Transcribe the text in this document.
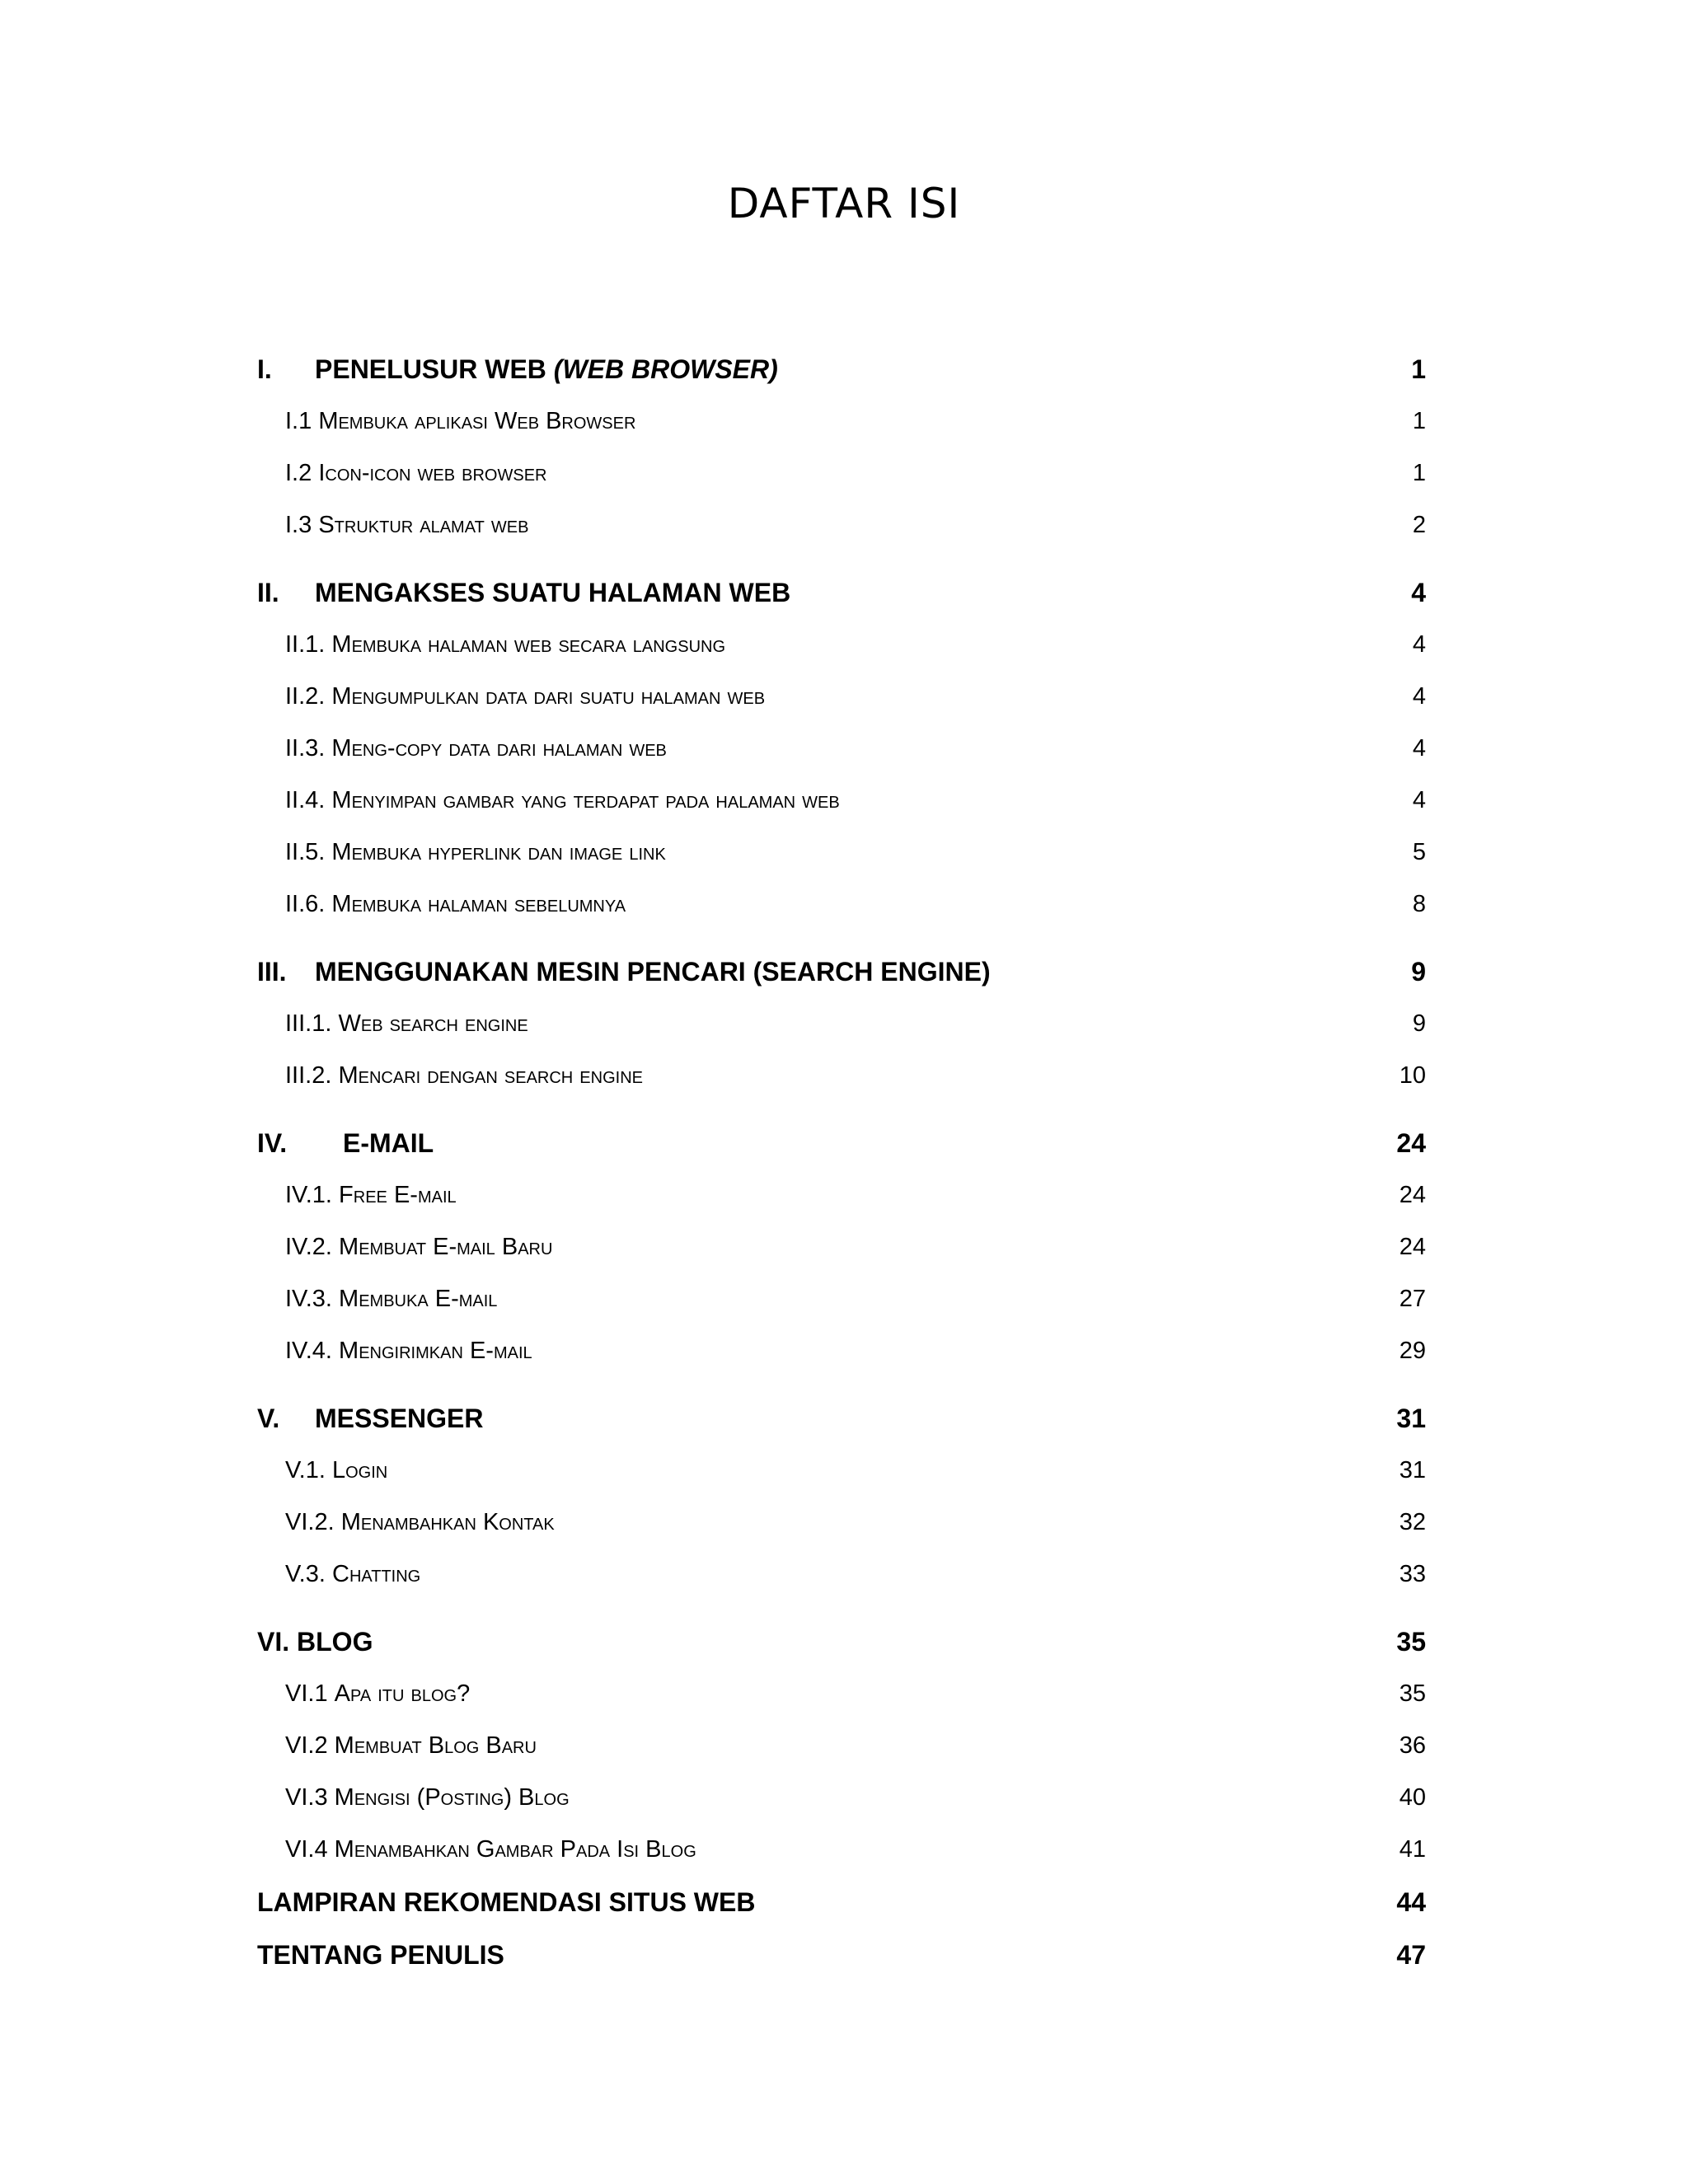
DAFTAR ISI
I. PENELUSUR WEB (WEB BROWSER)	1
I.1 Membuka aplikasi Web Browser	1
I.2 Icon-icon web browser	1
I.3 Struktur alamat web	2
II. MENGAKSES SUATU HALAMAN WEB	4
II.1. Membuka halaman web secara langsung	4
II.2. Mengumpulkan data dari suatu halaman web	4
II.3. Meng-copy data dari halaman web	4
II.4. Menyimpan gambar yang terdapat pada halaman web	4
II.5. Membuka hyperlink dan image link	5
II.6. Membuka halaman sebelumnya	8
III. MENGGUNAKAN MESIN PENCARI (SEARCH ENGINE)	9
III.1. Web search engine	9
III.2. Mencari dengan search engine	10
IV. E-MAIL	24
IV.1. Free E-mail	24
IV.2. Membuat E-mail Baru	24
IV.3. Membuka E-mail	27
IV.4. Mengirimkan E-mail	29
V. MESSENGER	31
V.1. Login	31
VI.2. Menambahkan Kontak	32
V.3. Chatting	33
VI. BLOG	35
VI.1 Apa itu blog?	35
VI.2 Membuat Blog Baru	36
VI.3 Mengisi (Posting) Blog	40
VI.4 Menambahkan Gambar Pada Isi Blog	41
LAMPIRAN REKOMENDASI SITUS WEB	44
TENTANG PENULIS	47
